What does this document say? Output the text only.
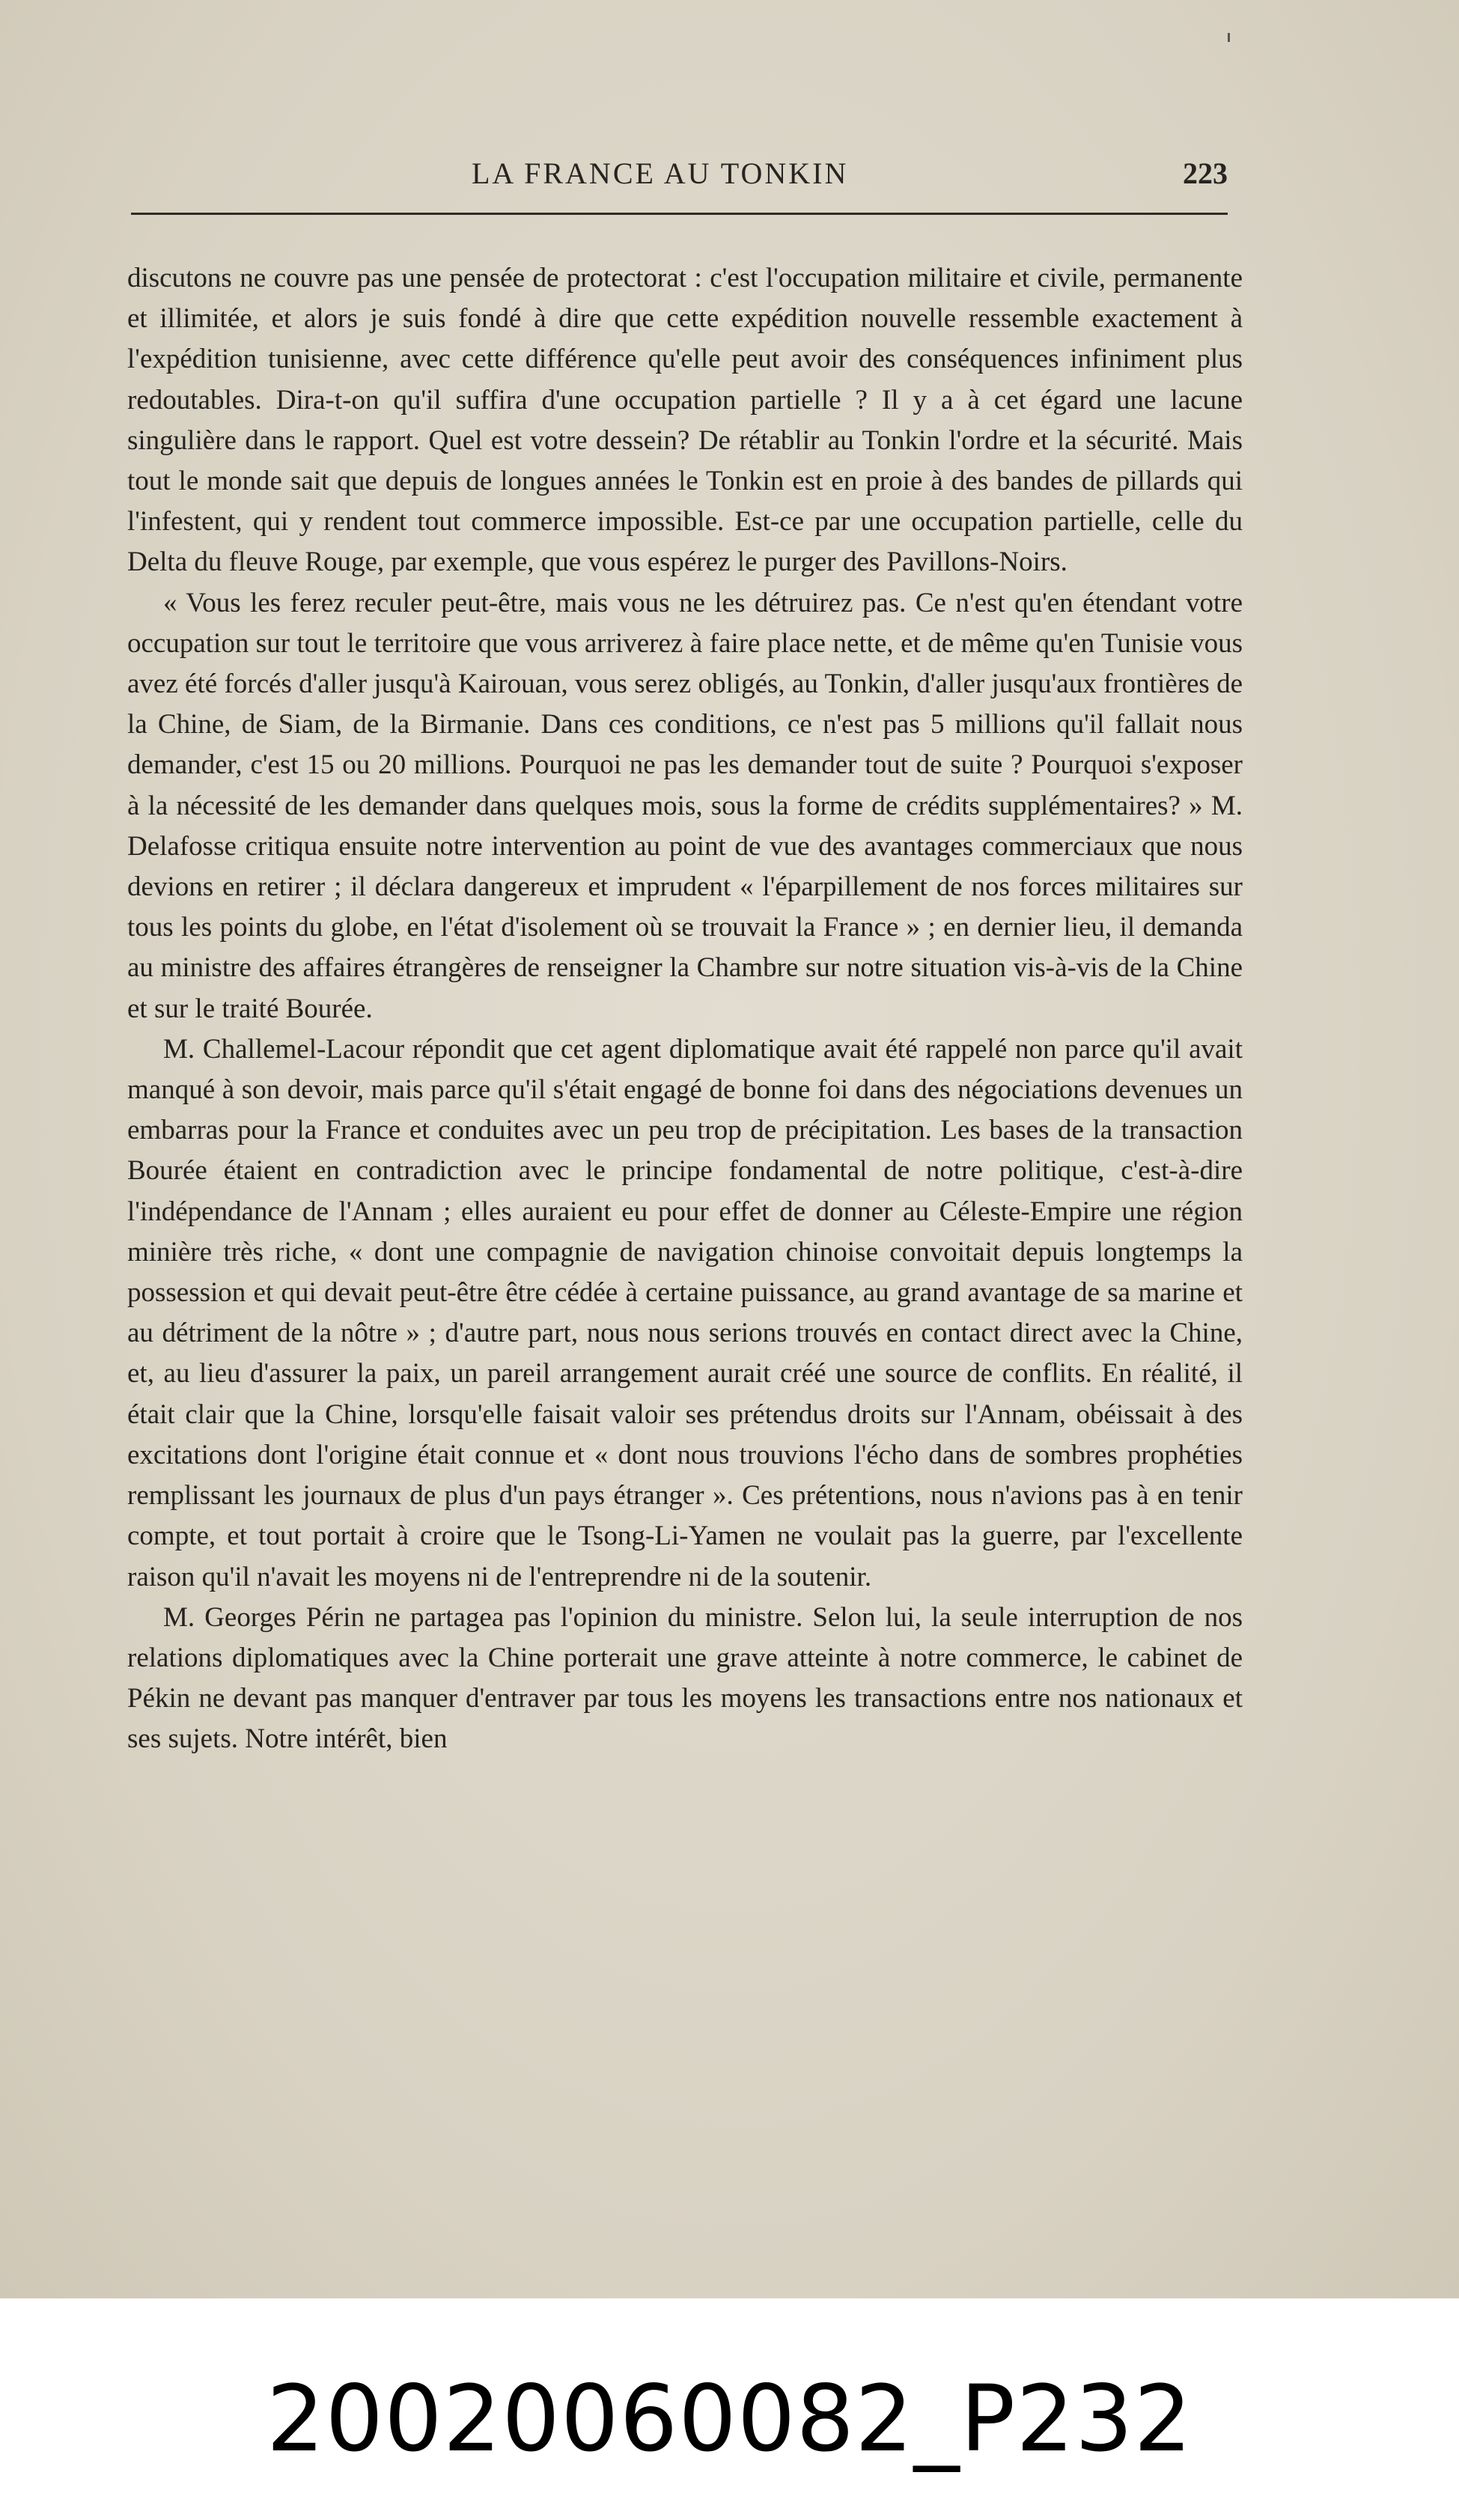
LA FRANCE AU TONKIN	223

discutons ne couvre pas une pensée de protectorat : c'est l'occupation militaire et civile, permanente et illimitée, et alors je suis fondé à dire que cette expédition nouvelle ressemble exactement à l'expédition tunisienne, avec cette différence qu'elle peut avoir des conséquences infiniment plus redoutables. Dira-t-on qu'il suffira d'une occupation partielle ? Il y a à cet égard une lacune singulière dans le rapport. Quel est votre dessein? De rétablir au Tonkin l'ordre et la sécurité. Mais tout le monde sait que depuis de longues années le Tonkin est en proie à des bandes de pillards qui l'infestent, qui y rendent tout commerce impossible. Est-ce par une occupation partielle, celle du Delta du fleuve Rouge, par exemple, que vous espérez le purger des Pavillons-Noirs.

« Vous les ferez reculer peut-être, mais vous ne les détruirez pas. Ce n'est qu'en étendant votre occupation sur tout le territoire que vous arriverez à faire place nette, et de même qu'en Tunisie vous avez été forcés d'aller jusqu'à Kairouan, vous serez obligés, au Tonkin, d'aller jusqu'aux frontières de la Chine, de Siam, de la Birmanie. Dans ces conditions, ce n'est pas 5 millions qu'il fallait nous demander, c'est 15 ou 20 millions. Pourquoi ne pas les demander tout de suite ? Pourquoi s'exposer à la nécessité de les demander dans quelques mois, sous la forme de crédits supplémentaires? » M. Delafosse critiqua ensuite notre intervention au point de vue des avantages commerciaux que nous devions en retirer ; il déclara dangereux et imprudent « l'éparpillement de nos forces militaires sur tous les points du globe, en l'état d'isolement où se trouvait la France » ; en dernier lieu, il demanda au ministre des affaires étrangères de renseigner la Chambre sur notre situation vis-à-vis de la Chine et sur le traité Bourée.

M. Challemel-Lacour répondit que cet agent diplomatique avait été rappelé non parce qu'il avait manqué à son devoir, mais parce qu'il s'était engagé de bonne foi dans des négociations devenues un embarras pour la France et conduites avec un peu trop de précipitation. Les bases de la transaction Bourée étaient en contradiction avec le principe fondamental de notre politique, c'est-à-dire l'indépendance de l'Annam ; elles auraient eu pour effet de donner au Céleste-Empire une région minière très riche, « dont une compagnie de navigation chinoise convoitait depuis longtemps la possession et qui devait peut-être être cédée à certaine puissance, au grand avantage de sa marine et au détriment de la nôtre » ; d'autre part, nous nous serions trouvés en contact direct avec la Chine, et, au lieu d'assurer la paix, un pareil arrangement aurait créé une source de conflits. En réalité, il était clair que la Chine, lorsqu'elle faisait valoir ses prétendus droits sur l'Annam, obéissait à des excitations dont l'origine était connue et « dont nous trouvions l'écho dans de sombres prophéties remplissant les journaux de plus d'un pays étranger ». Ces prétentions, nous n'avions pas à en tenir compte, et tout portait à croire que le Tsong-Li-Yamen ne voulait pas la guerre, par l'excellente raison qu'il n'avait les moyens ni de l'entreprendre ni de la soutenir.

M. Georges Périn ne partagea pas l'opinion du ministre. Selon lui, la seule interruption de nos relations diplomatiques avec la Chine porterait une grave atteinte à notre commerce, le cabinet de Pékin ne devant pas manquer d'entraver par tous les moyens les transactions entre nos nationaux et ses sujets. Notre intérêt, bien

20020060082_P232
